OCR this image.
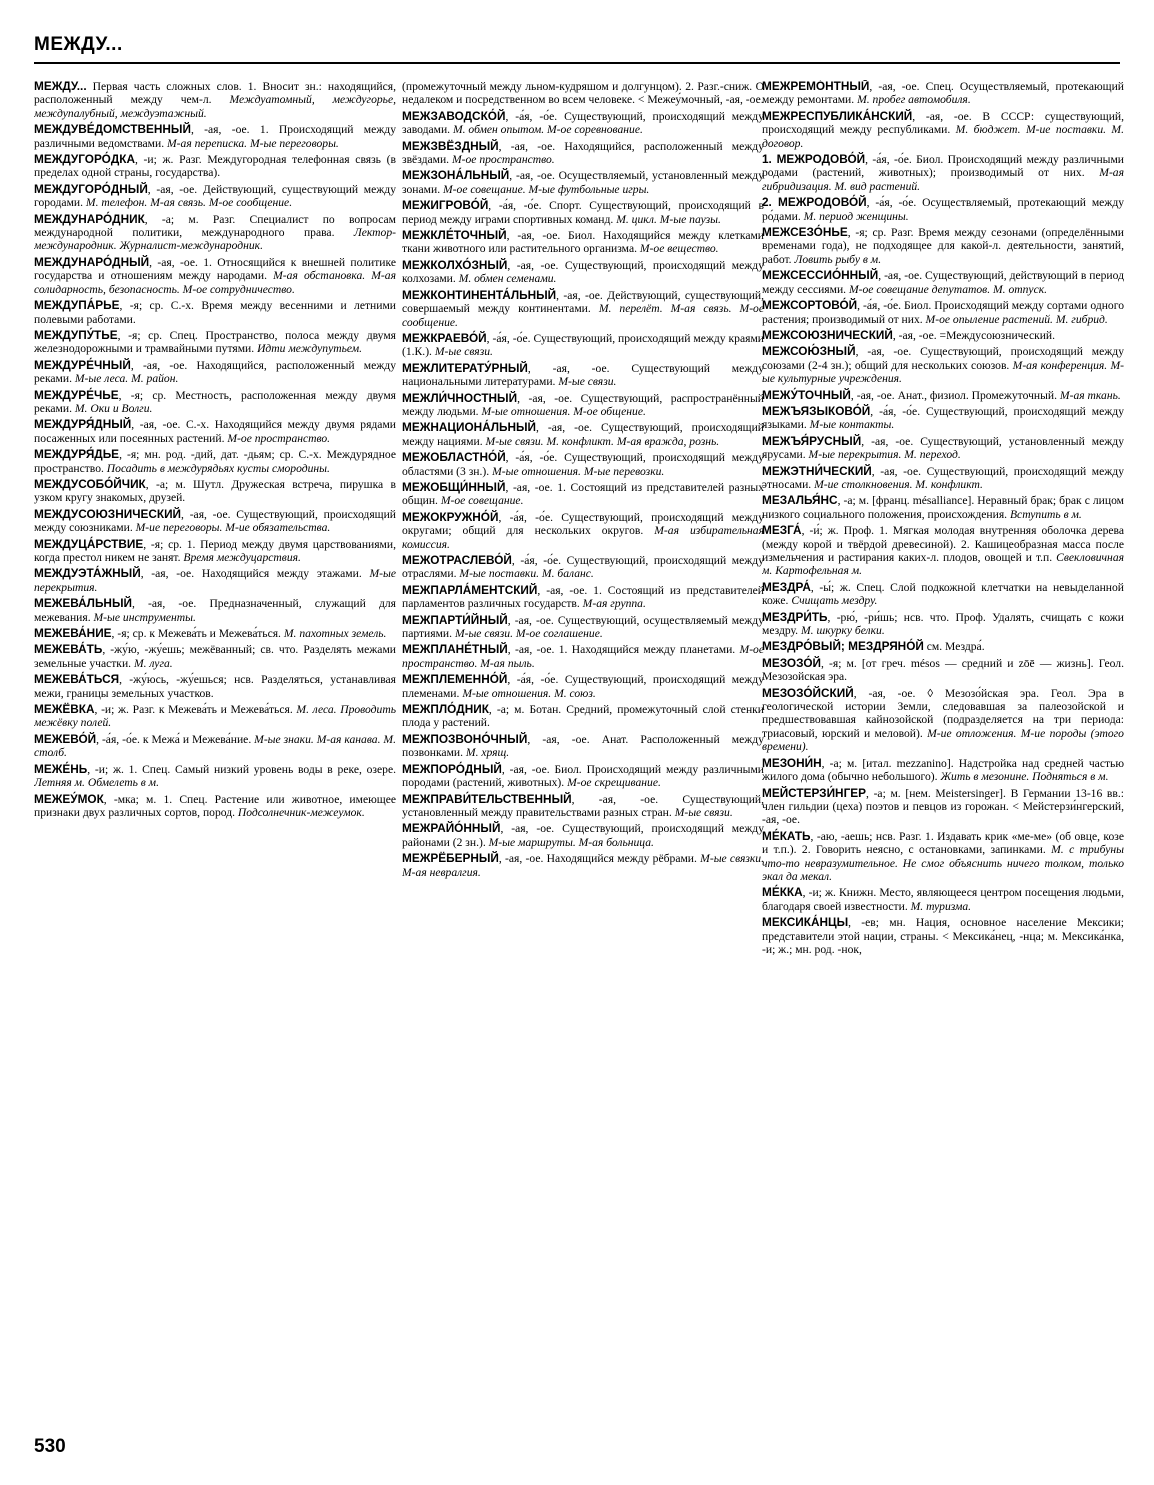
МЕЖДУ...
МЕЖДУ... Первая часть сложных слов. 1. Вносит зн.: находящийся, расположенный между чем-л. Междуатомный, междугорье, междупалубный, междуэтажный.
МЕЖДУВЕ́ДОМСТВЕННЫЙ, -ая, -ое. 1. Происходящий между различными ведомствами. М-ая переписка. М-ые переговоры.
МЕЖДУГОРО́ДКА, -и; ж. Разг. Междугородная телефонная связь (в пределах одной страны, государства).
МЕЖДУГОРО́ДНЫЙ, -ая, -ое. Действующий, существующий между городами. М. телефон. М-ая связь. М-ое сообщение.
МЕЖДУНАРО́ДНИК, -а; м. Разг. Специалист по вопросам международной политики, международного права. Лектор-международник. Журналист-международник.
МЕЖДУНАРО́ДНЫЙ, -ая, -ое. 1. Относящийся к внешней политике государства и отношениям между народами. М-ая обстановка. М-ая солидарность, безопасность. М-ое сотрудничество.
МЕЖДУПА́РЬЕ, -я; ср. С.-х. Время между весенними и летними полевыми работами.
МЕЖДУПУ́ТЬЕ, -я; ср. Спец. Пространство, полоса между двумя железнодорожными и трамвайными путями. Идти междупутьем.
МЕЖДУРЕ́ЧНЫЙ, -ая, -ое. Находящийся, расположенный между реками. М-ые леса. М. район.
МЕЖДУРЕ́ЧЬЕ, -я; ср. Местность, расположенная между двумя реками. М. Оки и Волги.
МЕЖДУРЯ́ДНЫЙ, -ая, -ое. С.-х. Находящийся между двумя рядами посаженных или посеянных растений. М-ое пространство.
МЕЖДУРЯ́ДЬЕ, -я; мн. род. -дий, дат. -дьям; ср. С.-х. Междурядное пространство. Посадить в междурядьях кусты смородины.
МЕЖДУСОБО́ЙЧИК, -а; м. Шутл. Дружеская встреча, пирушка в узком кругу знакомых, друзей.
МЕЖДУСОЮЗНИЧЕСКИЙ, -ая, -ое. Существующий, происходящий между союзниками. М-ие переговоры. М-ие обязательства.
МЕЖДУЦА́РСТВИЕ, -я; ср. 1. Период между двумя царствованиями, когда престол никем не занят. Время междуцарствия.
МЕЖДУЭТА́ЖНЫЙ, -ая, -ое. Находящийся между этажами. М-ые перекрытия.
МЕЖЕВА́ЛЬНЫЙ, -ая, -ое. Предназначенный, служащий для межевания. М-ые инструменты.
МЕЖЕВА́НИЕ, -я; ср. к Межева́ть и Межева́ться. М. пахотных земель.
МЕЖЕВА́ТЬ, -жу́ю, -жу́ешь; межёванный; св. что. Разделять межами земельные участки. М. луга.
МЕЖЕВА́ТЬСЯ, -жу́юсь, -жу́ешься; нсв. Разделяться, устанавливая межи, границы земельных участков.
МЕЖЁВКА, -и; ж. Разг. к Межева́ть и Межева́ться. М. леса. Проводить межёвку полей.
МЕЖЕВО́Й, -а́я, -о́е. к Межа́ и Межева́ние. М-ые знаки. М-ая канава. М. столб.
МЕЖЕ́НЬ, -и; ж. 1. Спец. Самый низкий уровень воды в реке, озере. Летняя м. Обмелеть в м.
МЕЖЕУ́МОК, -мка; м. 1. Спец. Растение или животное, имеющее признаки двух различных сортов, пород. Подсолнечник-межеумок.
(промежуточный между льном-кудряшом и долгунцом). 2. Разг.-сниж. О недалеком и посредственном во всем человеке. < Межеу́мочный, -ая, -ое.
МЕЖЗАВОДСКО́Й, -а́я, -о́е. Существующий, происходящий между заводами. М. обмен опытом. М-ое соревнование.
МЕЖЗВЁЗДНЫЙ, -ая, -ое. Находящийся, расположенный между звёздами. М-ое пространство.
МЕЖЗОНА́ЛЬНЫЙ, -ая, -ое. Осуществляемый, установленный между зонами. М-ое совещание. М-ые футбольные игры.
МЕЖИГРОВО́Й, -а́я, -о́е. Спорт. Существующий, происходящий в период между играми спортивных команд. М. цикл. М-ые паузы.
МЕЖКЛЕ́ТОЧНЫЙ, -ая, -ое. Биол. Находящийся между клетками ткани животного или растительного организма. М-ое вещество.
МЕЖКОЛХО́ЗНЫЙ, -ая, -ое. Существующий, происходящий между колхозами. М. обмен семенами.
МЕЖКОНТИНЕНТА́ЛЬНЫЙ, -ая, -ое. Действующий, существующий, совершаемый между континентами. М. перелёт. М-ая связь. М-ое сообщение.
МЕЖКРАЕВО́Й, -а́я, -о́е. Существующий, происходящий между краями (1.К.). М-ые связи.
МЕЖЛИТЕРАТУ́РНЫЙ, -ая, -ое. Существующий между национальными литературами. М-ые связи.
МЕЖЛИ́ЧНОСТНЫЙ, -ая, -ое. Существующий, распространённый между людьми. М-ые отношения. М-ое общение.
МЕЖНАЦИОНА́ЛЬНЫЙ, -ая, -ое. Существующий, происходящий между нациями. М-ые связи. М. конфликт. М-ая вражда, рознь.
МЕЖОБЛАСТНО́Й, -а́я, -о́е. Существующий, происходящий между областями (3 зн.). М-ые отношения. М-ые перевозки.
МЕЖОБЩИ́ННЫЙ, -ая, -ое. 1. Состоящий из представителей разных общин. М-ое совещание.
МЕЖОКРУЖНО́Й, -а́я, -о́е. Существующий, происходящий между округами; общий для нескольких округов. М-ая избирательная комиссия.
МЕЖОТРАСЛЕВО́Й, -а́я, -о́е. Существующий, происходящий между отраслями. М-ые поставки. М. баланс.
МЕЖПАРЛА́МЕНТСКИЙ, -ая, -ое. 1. Состоящий из представителей парламентов различных государств. М-ая группа.
МЕЖПАРТИ́ЙНЫЙ, -ая, -ое. Существующий, осуществляемый между партиями. М-ые связи. М-ое соглашение.
МЕЖПЛАНЕ́ТНЫЙ, -ая, -ое. 1. Находящийся между планетами. М-ое пространство. М-ая пыль.
МЕЖПЛЕМЕННО́Й, -а́я, -о́е. Существующий, происходящий между племенами. М-ые отношения. М. союз.
МЕЖПЛО́ДНИК, -а; м. Ботан. Средний, промежуточный слой стенки плода у растений.
МЕЖПОЗВОНО́ЧНЫЙ, -ая, -ое. Анат. Расположенный между позвонками. М. хрящ.
МЕЖПОРО́ДНЫЙ, -ая, -ое. Биол. Происходящий между различными породами (растений, животных). М-ое скрещивание.
МЕЖПРАВИ́ТЕЛЬСТВЕННЫЙ, -ая, -ое. Существующий, установленный между правительствами разных стран. М-ые связи.
МЕЖРАЙО́ННЫЙ, -ая, -ое. Существующий, происходящий между районами (2 зн.). М-ые маршруты. М-ая больница.
МЕЖРЁБЕРНЫЙ, -ая, -ое. Находящийся между рёбрами. М-ые связки. М-ая невралгия.
МЕЖРЕМО́НТНЫЙ, -ая, -ое. Спец. Осуществляемый, протекающий между ремонтами. М. пробег автомобиля.
МЕЖРЕСПУБЛИКА́НСКИЙ, -ая, -ое. В СССР: существующий, происходящий между республиками. М. бюджет. М-ие поставки. М. договор.
1. МЕЖРОДОВО́Й, -а́я, -о́е. Биол. Происходящий между различными родами (растений, животных); производимый от них. М-ая гибридизация. М. вид растений.
2. МЕЖРОДОВО́Й, -а́я, -о́е. Осуществляемый, протекающий между ро́дами. М. период женщины.
МЕЖСЕЗО́НЬЕ, -я; ср. Разг. Время между сезонами (определёнными временами года), не подходящее для какой-л. деятельности, занятий, работ. Ловить рыбу в м.
МЕЖСЕССИО́ННЫЙ, -ая, -ое. Существующий, действующий в период между сессиями. М-ое совещание депутатов. М. отпуск.
МЕЖСОРТОВО́Й, -а́я, -о́е. Биол. Происходящий между сортами одного растения; производимый от них. М-ое опыление растений. М. гибрид.
МЕЖСОЮЗНИЧЕСКИЙ, -ая, -ое. =Междусоюзнический.
МЕЖСОЮ́ЗНЫЙ, -ая, -ое. Существующий, происходящий между союзами (2-4 зн.); общий для нескольких союзов. М-ая конференция. М-ые культурные учреждения.
МЕЖУ́ТОЧНЫЙ, -ая, -ое. Анат., физиол. Промежуточный. М-ая ткань.
МЕЖЪЯЗЫКОВО́Й, -а́я, -о́е. Существующий, происходящий между языками. М-ые контакты.
МЕЖЪЯ́РУСНЫЙ, -ая, -ое. Существующий, установленный между ярусами. М-ые перекрытия. М. переход.
МЕЖЭТНИ́ЧЕСКИЙ, -ая, -ое. Существующий, происходящий между этносами. М-ие столкновения. М. конфликт.
МЕЗАЛЬЯ́НС, -а; м. [франц. mésalliance]. Неравный брак; брак с лицом низкого социального положения, происхождения. Вступить в м.
МЕЗГА́, -и́; ж. Проф. 1. Мягкая молодая внутренняя оболочка дерева (между корой и твёрдой древесиной). 2. Кашицеобразная масса после измельчения и растирания каких-л. плодов, овощей и т.п. Свекловичная м. Картофельная м.
МЕЗДРА́, -ы́; ж. Спец. Слой подкожной клетчатки на невыделанной коже. Счищать мездру.
МЕЗДРИ́ТЬ, -рю́, -ри́шь; нсв. что. Проф. Удалять, счищать с кожи мездру. М. шкурку белки.
МЕЗДРО́ВЫЙ; МЕЗДРЯНО́Й см. Мездра́.
МЕЗОЗО́Й, -я; м. [от греч. mésos — средний и zōē — жизнь]. Геол. Мезозойская эра.
МЕЗОЗО́ЙСКИЙ, -ая, -ое. ◊ Мезозо́йская эра. Геол. Эра в геологической истории Земли, следовавшая за палеозойской и предшествовавшая кайнозойской (подразделяется на три периода: триасовый, юрский и меловой). М-ие отложения. М-ие породы (этого времени).
МЕЗОНИ́Н, -а; м. [итал. mezzanino]. Надстройка над средней частью жилого дома (обычно небольшого). Жить в мезонине. Подняться в м.
МЕЙСТЕРЗИ́НГЕР, -а; м. [нем. Meistersinger]. В Германии 13-16 вв.: член гильдии (цеха) поэтов и певцов из горожан. < Мейстерзи́нгерский, -ая, -ое.
МЕ́КАТЬ, -аю, -аешь; нсв. Разг. 1. Издавать крик «ме-ме» (об овце, козе и т.п.). 2. Говорить неясно, с остановками, запинками. М. с трибуны что-то невразумительное. Не смог объяснить ничего толком, только экал да мекал.
МЕ́ККА, -и; ж. Книжн. Место, являющееся центром посещения людьми, благодаря своей известности. М. туризма.
МЕКСИКА́НЦЫ, -ев; мн. Нация, основное население Мексики; представители этой нации, страны. < Мексика́нец, -нца; м. Мексика́нка, -и; ж.; мн. род. -нок,
530
